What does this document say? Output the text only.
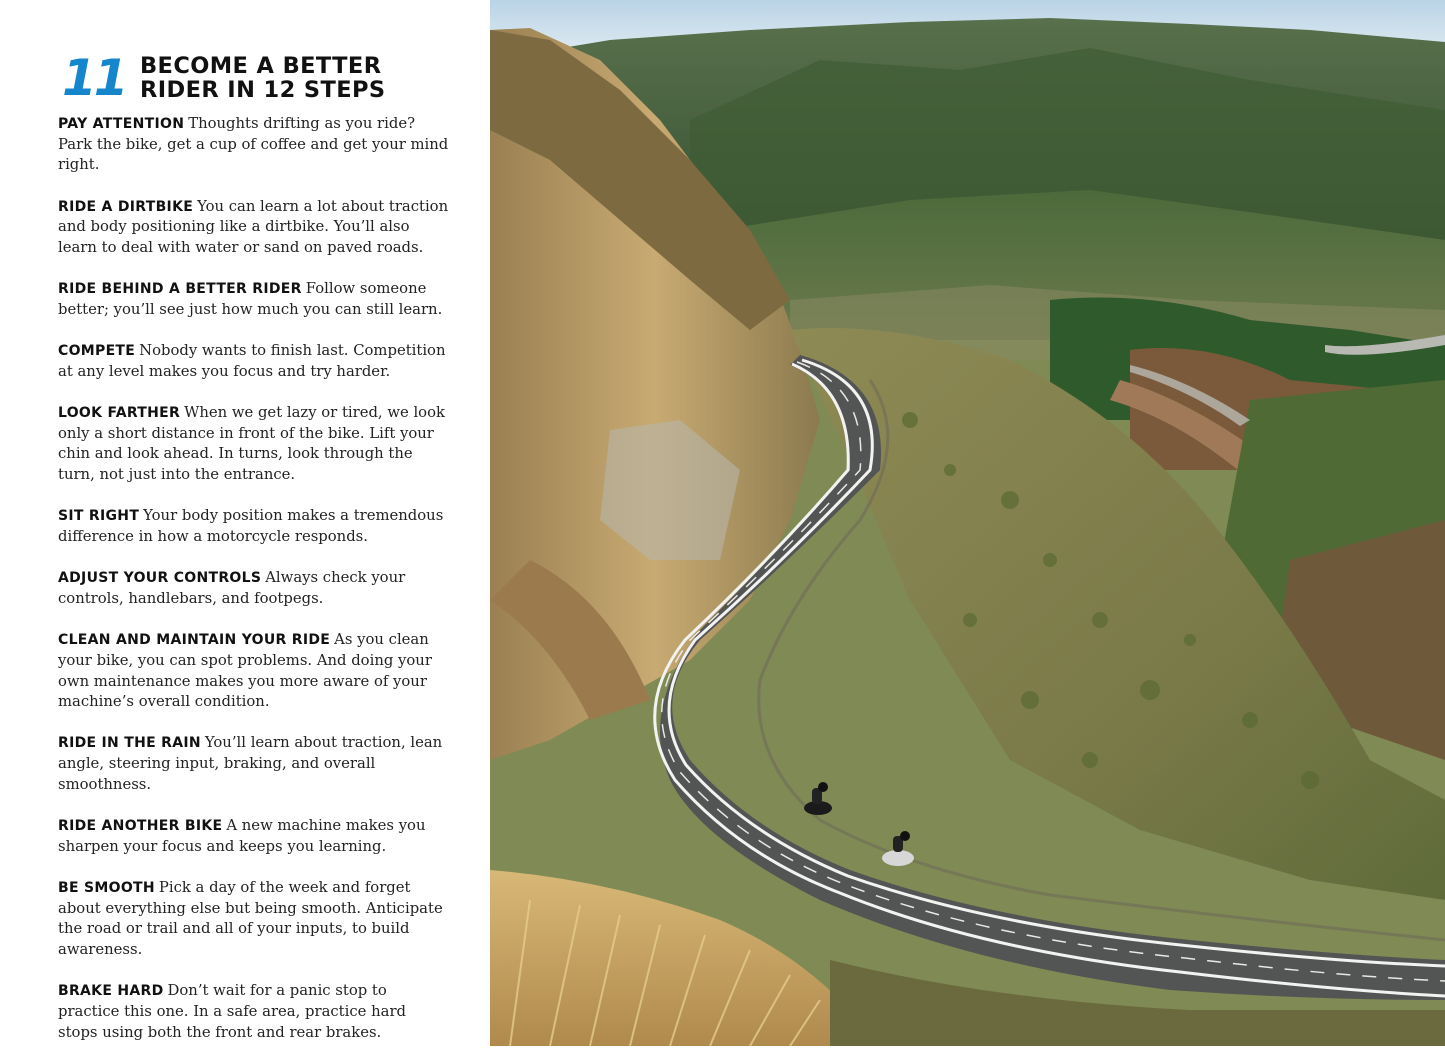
11 BECOME A BETTER
RIDER IN 12 STEPS

PAY ATTENTION Thoughts drifting as you ride? Park the bike, get a cup of coffee and get your mind right.

RIDE A DIRTBIKE You can learn a lot about traction and body positioning like a dirtbike. You’ll also learn to deal with water or sand on paved roads.

RIDE BEHIND A BETTER RIDER Follow someone better; you’ll see just how much you can still learn.

COMPETE Nobody wants to finish last. Competition at any level makes you focus and try harder.

LOOK FARTHER When we get lazy or tired, we look only a short distance in front of the bike. Lift your chin and look ahead. In turns, look through the turn, not just into the entrance.

SIT RIGHT Your body position makes a tremendous difference in how a motorcycle responds.

ADJUST YOUR CONTROLS Always check your controls, handlebars, and footpegs.

CLEAN AND MAINTAIN YOUR RIDE As you clean your bike, you can spot problems. And doing your own maintenance makes you more aware of your machine’s overall condition.

RIDE IN THE RAIN You’ll learn about traction, lean angle, steering input, braking, and overall smoothness.

RIDE ANOTHER BIKE A new machine makes you sharpen your focus and keeps you learning.

BE SMOOTH Pick a day of the week and forget about everything else but being smooth. Anticipate the road or trail and all of your inputs, to build awareness.

BRAKE HARD Don’t wait for a panic stop to practice this one. In a safe area, practice hard stops using both the front and rear brakes.
